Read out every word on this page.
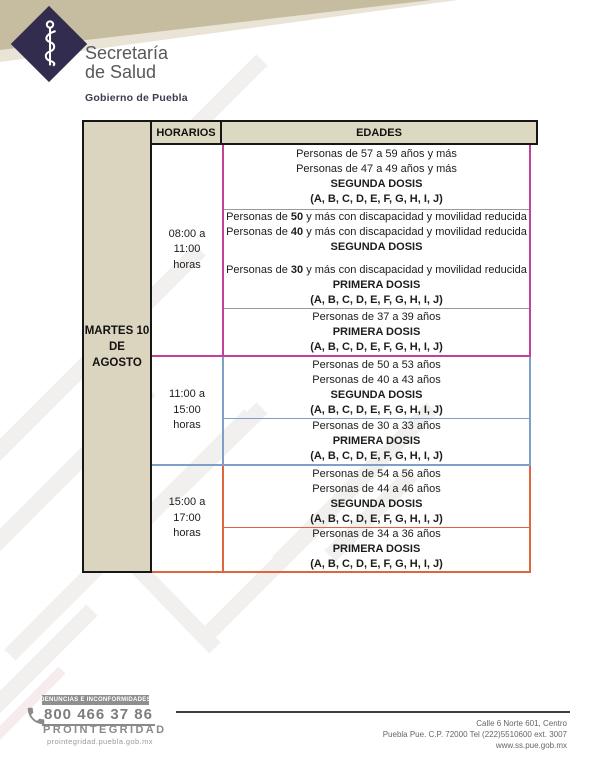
Secretaría
de Salud
Gobierno de Puebla
08:00 a
11:00
horas
Personas de 57 a 59 años y más
Personas de 47 a 49 años y más
SEGUNDA DOSIS
(A, B, C, D, E, F, G, H, I, J)
Personas de 50 y más con discapacidad y movilidad reducida
Personas de 40 y más con discapacidad y movilidad reducida
SEGUNDA DOSIS
Personas de 30 y más con discapacidad y movilidad reducida
PRIMERA DOSIS
(A, B, C, D, E, F, G, H, I, J)
Personas de 37 a 39 años
PRIMERA DOSIS
(A, B, C, D, E, F, G, H, I, J)
11:00 a
15:00
horas
Personas de 50 a 53 años
Personas de 40 a 43 años
SEGUNDA DOSIS
(A, B, C, D, E, F, G, H, I, J)
Personas de 30 a 33 años
PRIMERA DOSIS
(A, B, C, D, E, F, G, H, I, J)
15:00 a
17:00
horas
Personas de 54 a 56 años
Personas de 44 a 46 años
SEGUNDA DOSIS
(A, B, C, D, E, F, G, H, I, J)
Personas de 34 a 36 años
PRIMERA DOSIS
(A, B, C, D, E, F, G, H, I, J)
MARTES 10
DE AGOSTO
HORARIOS	EDADES
DENUNCIAS E INCONFORMIDADES
800 466 37 86
PROINTEGRIDAD
prointegridad.puebla.gob.mx
Calle 6 Norte 601, Centro
Puebla Pue. C.P. 72000 Tel (222)5510600 ext. 3007
www.ss.pue.gob.mx
